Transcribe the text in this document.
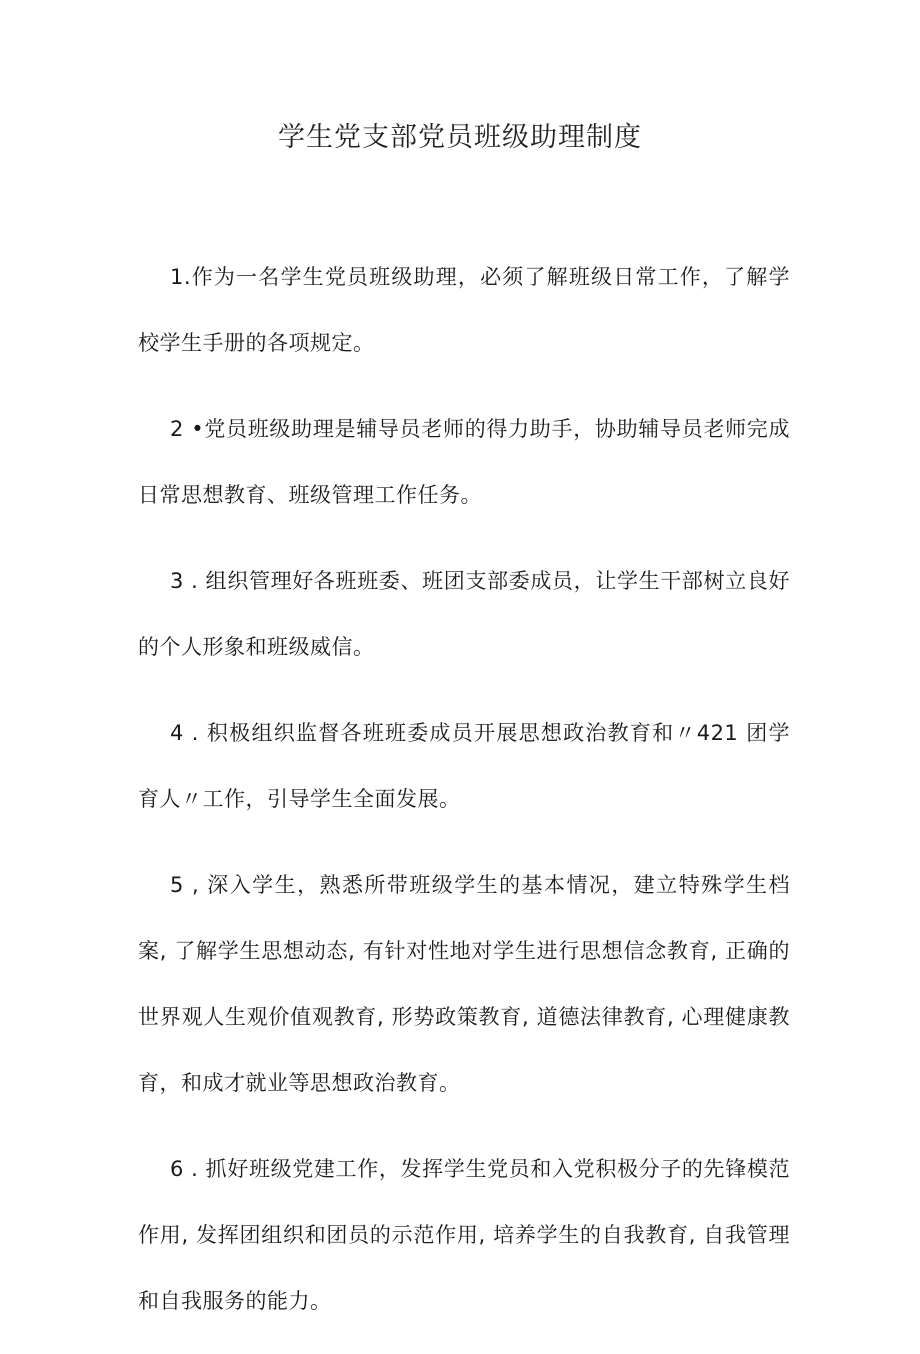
学生党支部党员班级助理制度

1.作为一名学生党员班级助理，必须了解班级日常工作，了解学校学生手册的各项规定。

2 •党员班级助理是辅导员老师的得力助手，协助辅导员老师完成日常思想教育、班级管理工作任务。

3 . 组织管理好各班班委、班团支部委成员，让学生干部树立良好的个人形象和班级威信。

4 . 积极组织监督各班班委成员开展思想政治教育和〃421 团学育人〃工作，引导学生全面发展。

5 , 深入学生，熟悉所带班级学生的基本情况，建立特殊学生档案, 了解学生思想动态, 有针对性地对学生进行思想信念教育, 正确的世界观人生观价值观教育, 形势政策教育, 道德法律教育, 心理健康教育，和成才就业等思想政治教育。

6 . 抓好班级党建工作，发挥学生党员和入党积极分子的先锋模范作用, 发挥团组织和团员的示范作用, 培养学生的自我教育, 自我管理和自我服务的能力。
